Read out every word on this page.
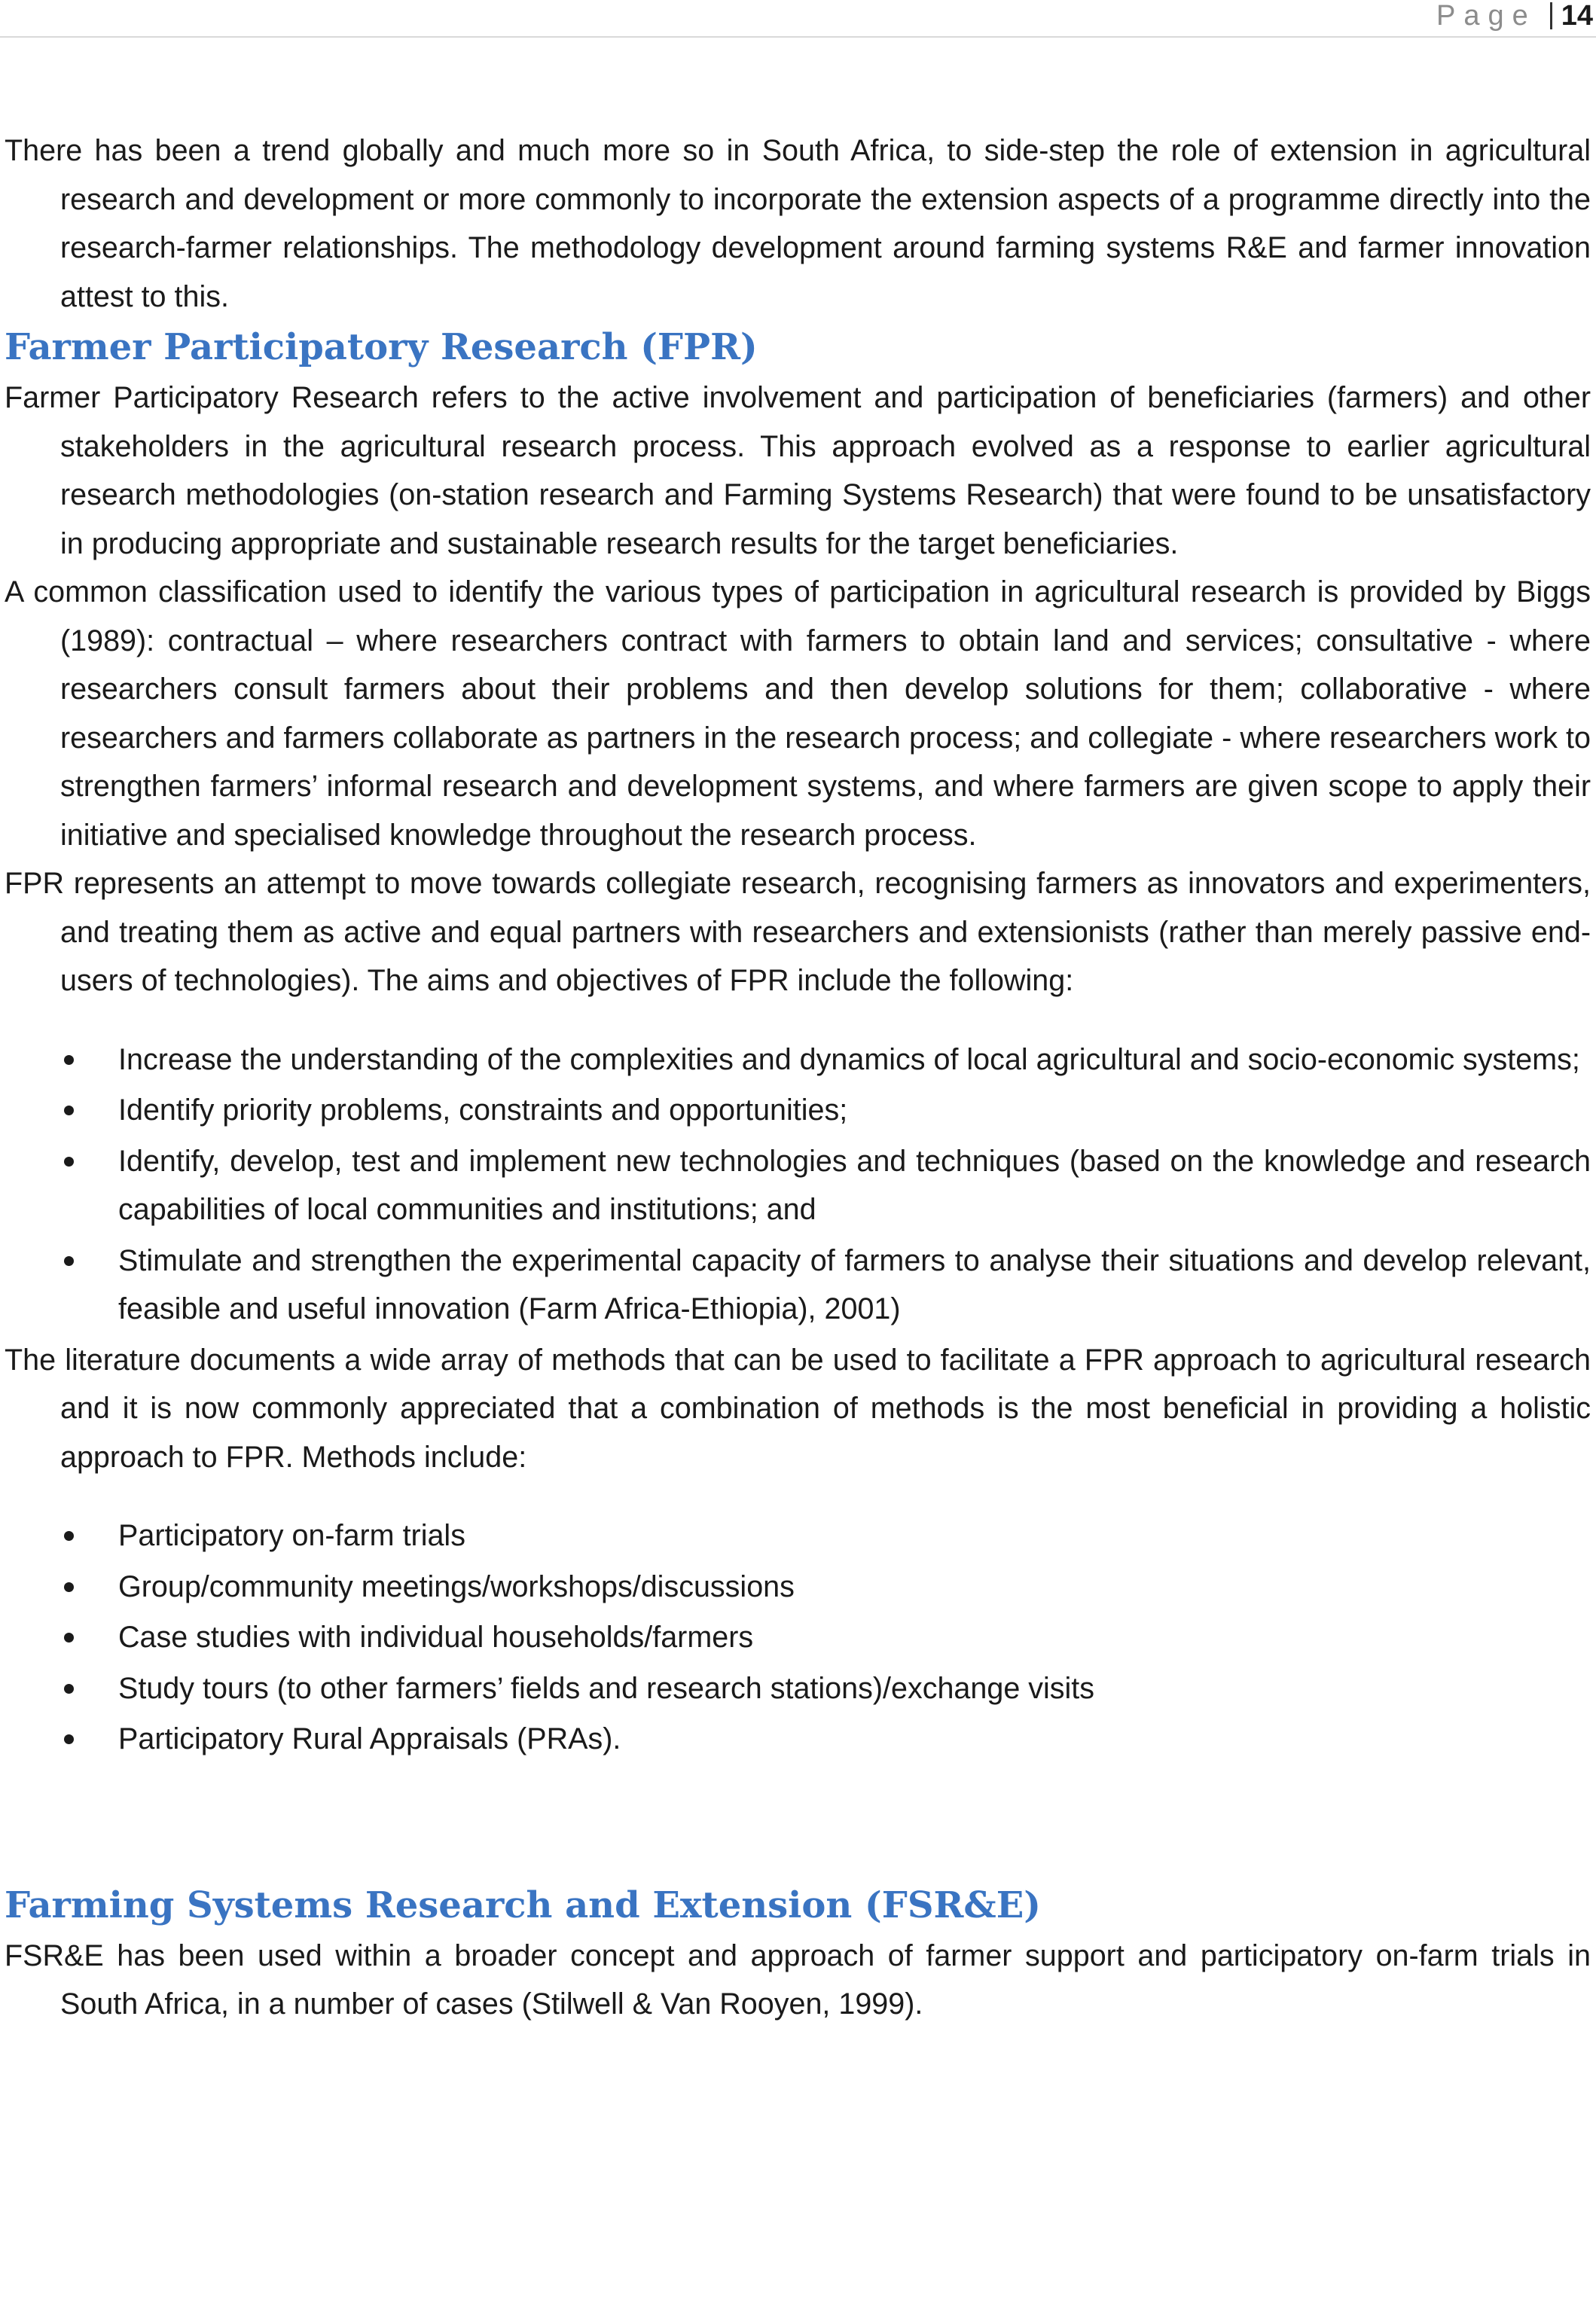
Page 14

There has been a trend globally and much more so in South Africa, to side-step the role of extension in agricultural research and development or more commonly to incorporate the extension aspects of a programme directly into the research-farmer relationships. The methodology development around farming systems R&E and farmer innovation attest to this.

Farmer Participatory Research (FPR)

Farmer Participatory Research refers to the active involvement and participation of beneficiaries (farmers) and other stakeholders in the agricultural research process. This approach evolved as a response to earlier agricultural research methodologies (on-station research and Farming Systems Research) that were found to be unsatisfactory in producing appropriate and sustainable research results for the target beneficiaries.

A common classification used to identify the various types of participation in agricultural research is provided by Biggs (1989): contractual – where researchers contract with farmers to obtain land and services; consultative - where researchers consult farmers about their problems and then develop solutions for them; collaborative - where researchers and farmers collaborate as partners in the research process; and collegiate - where researchers work to strengthen farmers’ informal research and development systems, and where farmers are given scope to apply their initiative and specialised knowledge throughout the research process.

FPR represents an attempt to move towards collegiate research, recognising farmers as innovators and experimenters, and treating them as active and equal partners with researchers and extensionists (rather than merely passive end-users of technologies). The aims and objectives of FPR include the following:

Increase the understanding of the complexities and dynamics of local agricultural and socio-economic systems;
Identify priority problems, constraints and opportunities;
Identify, develop, test and implement new technologies and techniques (based on the knowledge and research capabilities of local communities and institutions; and
Stimulate and strengthen the experimental capacity of farmers to analyse their situations and develop relevant, feasible and useful innovation (Farm Africa-Ethiopia), 2001)

The literature documents a wide array of methods that can be used to facilitate a FPR approach to agricultural research and it is now commonly appreciated that a combination of methods is the most beneficial in providing a holistic approach to FPR. Methods include:

Participatory on-farm trials
Group/community meetings/workshops/discussions
Case studies with individual households/farmers
Study tours (to other farmers’ fields and research stations)/exchange visits
Participatory Rural Appraisals (PRAs).
Farming Systems Research and Extension (FSR&E)

FSR&E has been used within a broader concept and approach of farmer support and participatory on-farm trials in South Africa, in a number of cases (Stilwell & Van Rooyen, 1999).
